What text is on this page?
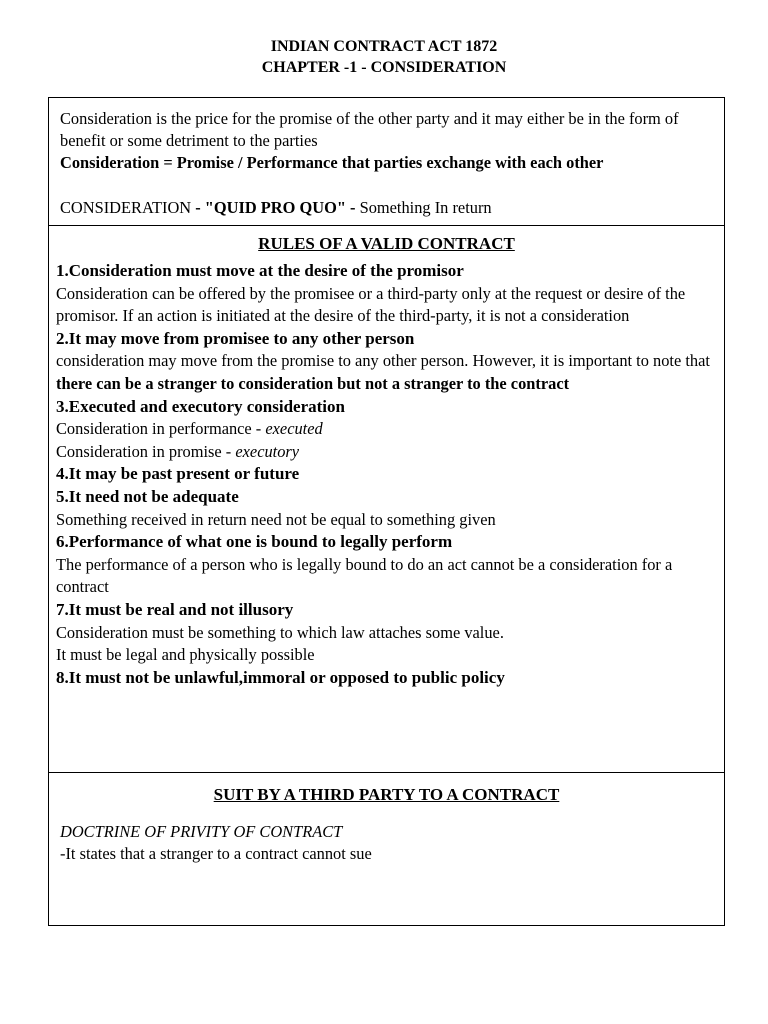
INDIAN CONTRACT ACT 1872
CHAPTER -1 - CONSIDERATION

Consideration is the price for the promise of the other party and it may either be in the form of benefit or some detriment to the parties

Consideration = Promise / Performance that parties exchange with each other

CONSIDERATION - "QUID PRO QUO" - Something In return

RULES OF A VALID CONTRACT

1.Consideration must move at the desire of the promisor

Consideration can be offered by the promisee or a third-party only at the request or desire of the promisor. If an action is initiated at the desire of the third-party, it is not a consideration

2.It may move from promisee to any other person

consideration may move from the promise to any other person. However, it is important to note that there can be a stranger to consideration but not a stranger to the contract

3.Executed and executory consideration

Consideration in performance - executed

Consideration in promise - executory

4.It may be past present or future

5.It need not be adequate

Something received in return need not be equal to something given

6.Performance of what one is bound to legally perform

The performance of a person who is legally bound to do an act cannot be a consideration for a contract

7.It must be real and not illusory

Consideration must be something to which law attaches some value.

It must be legal and physically possible

8.It must not be unlawful,immoral or opposed to public policy

SUIT BY A THIRD PARTY TO A CONTRACT

DOCTRINE OF PRIVITY OF CONTRACT

-It states that a stranger to a contract cannot sue
